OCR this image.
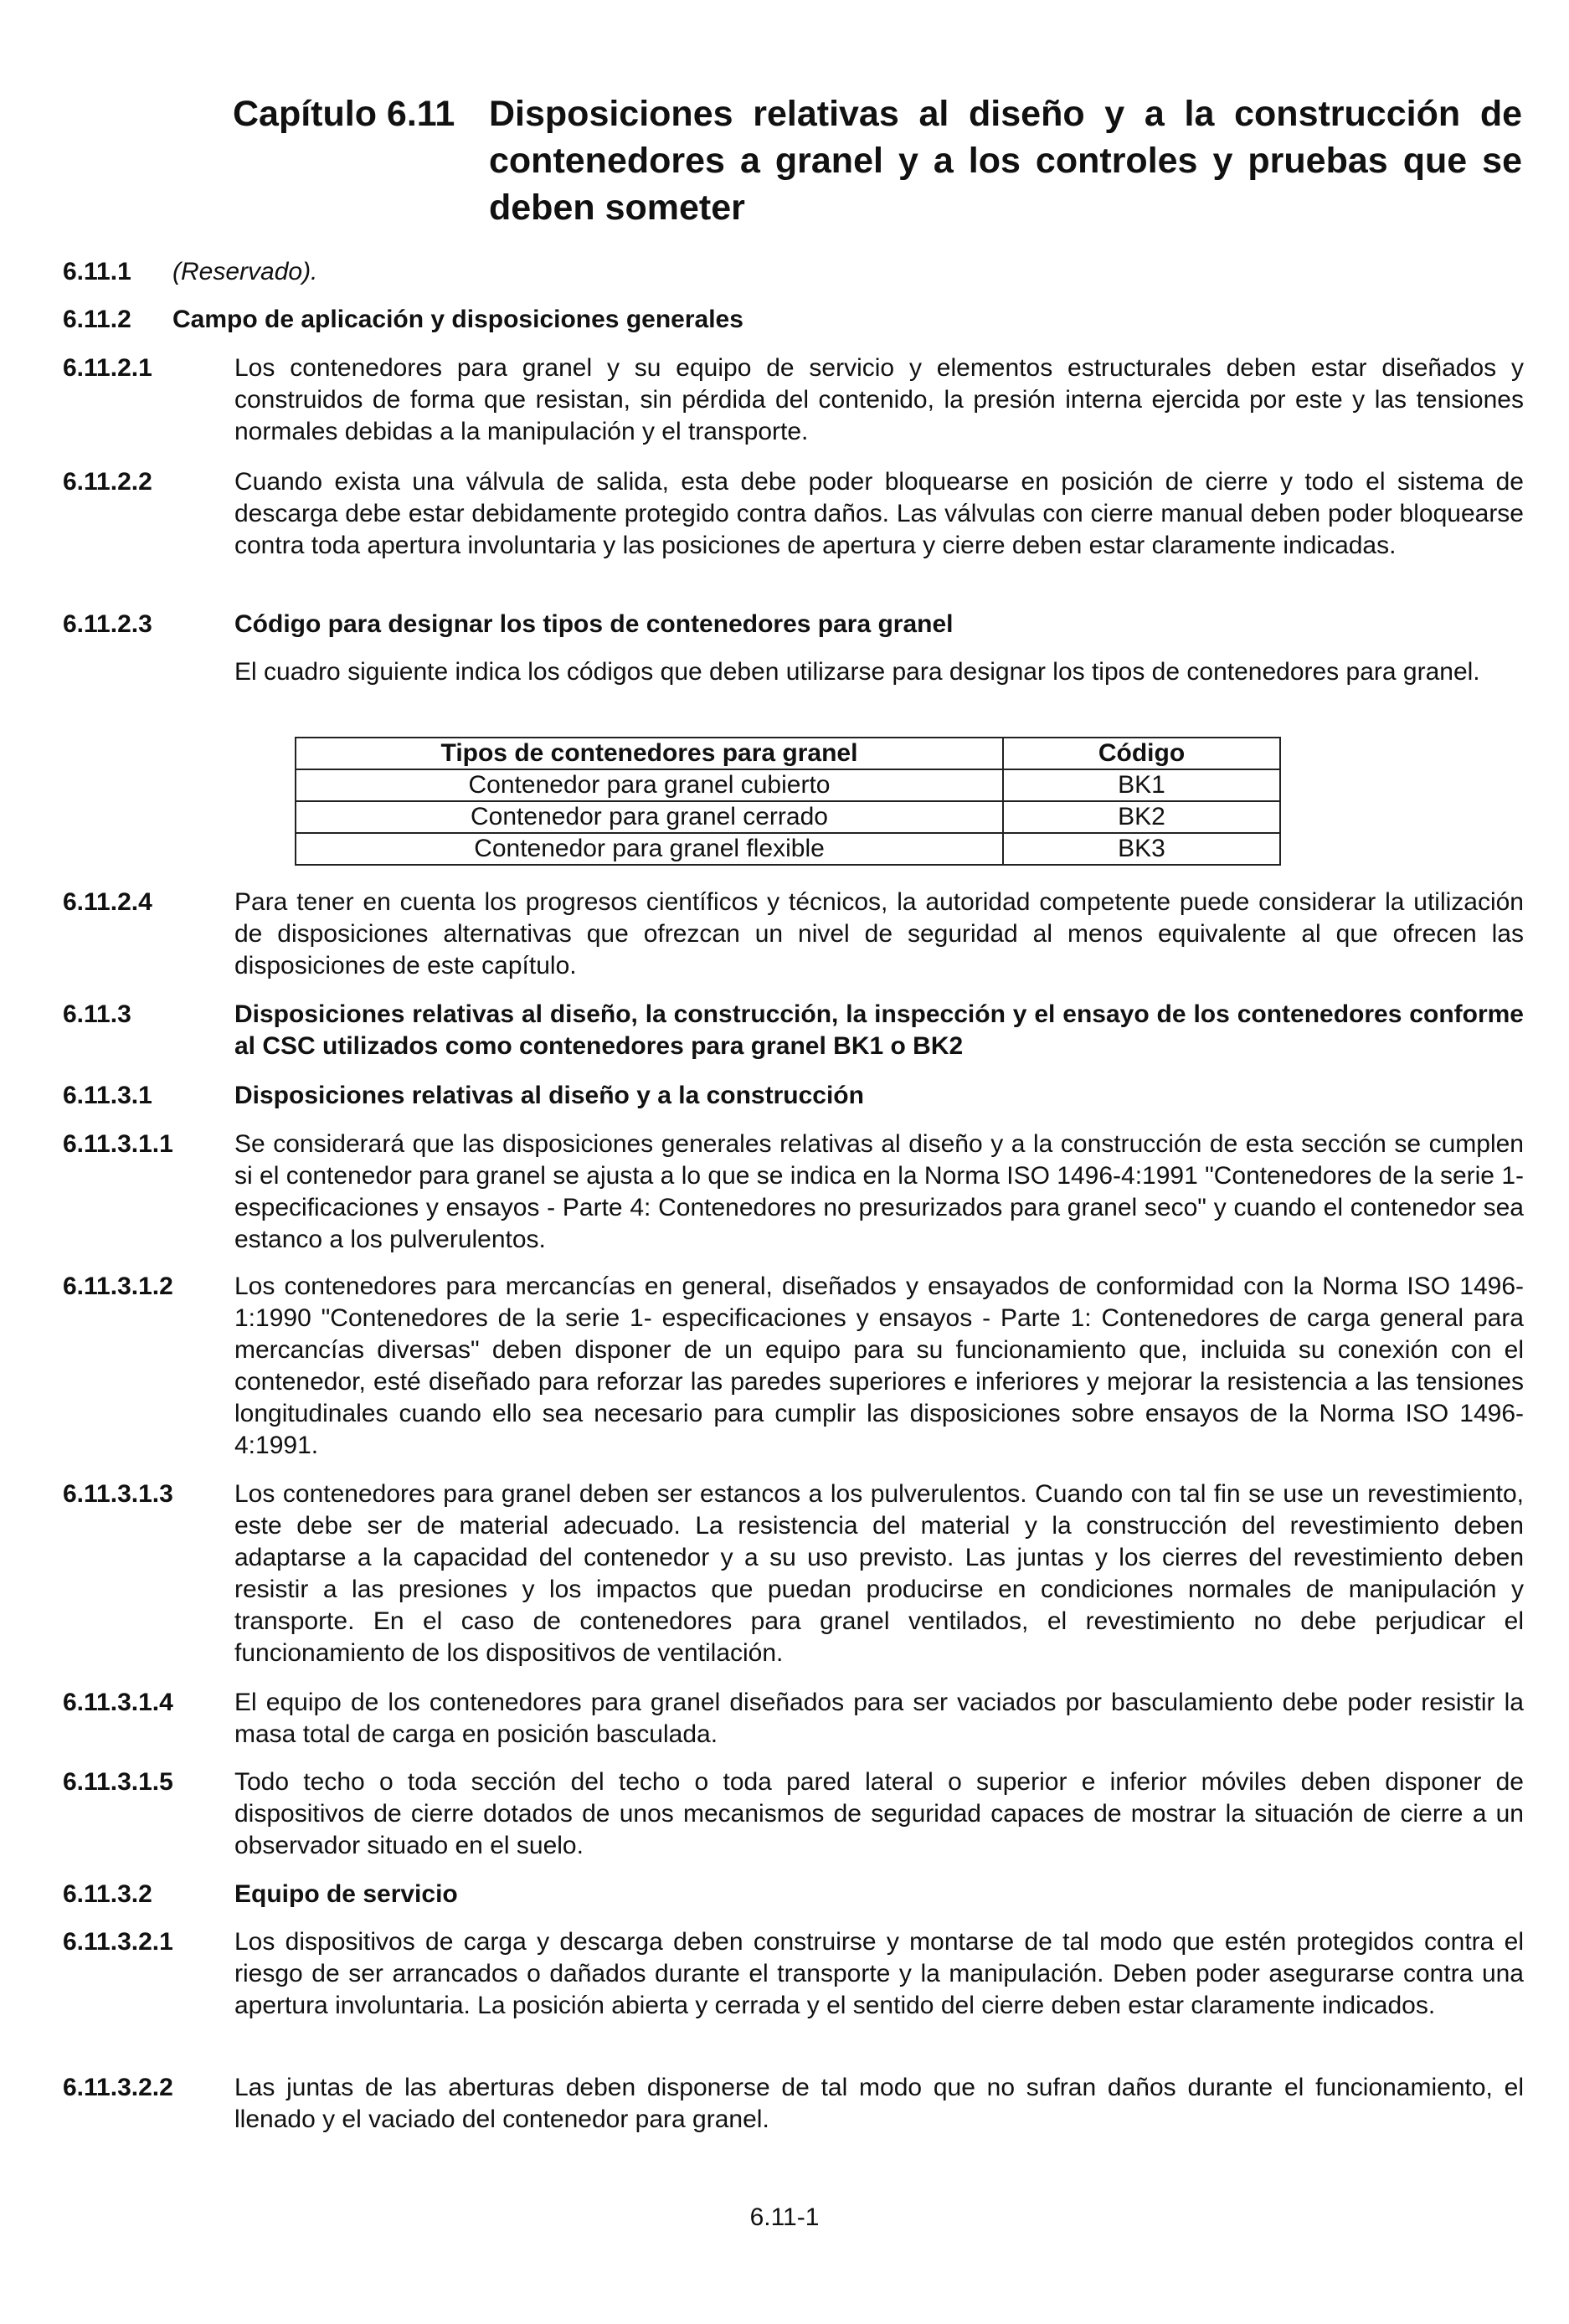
Capítulo 6.11 Disposiciones relativas al diseño y a la construcción de contenedores a granel y a los controles y pruebas que se deben someter
6.11.1 (Reservado).
6.11.2 Campo de aplicación y disposiciones generales
6.11.2.1	Los contenedores para granel y su equipo de servicio y elementos estructurales deben estar diseñados y construidos de forma que resistan, sin pérdida del contenido, la presión interna ejercida por este y las tensiones normales debidas a la manipulación y el transporte.
6.11.2.2	Cuando exista una válvula de salida, esta debe poder bloquearse en posición de cierre y todo el sistema de descarga debe estar debidamente protegido contra daños. Las válvulas con cierre manual deben poder bloquearse contra toda apertura involuntaria y las posiciones de apertura y cierre deben estar claramente indicadas.
6.11.2.3	Código para designar los tipos de contenedores para granel
El cuadro siguiente indica los códigos que deben utilizarse para designar los tipos de contenedores para granel.
Tipos de contenedores para granel	Código
Contenedor para granel cubierto	BK1
Contenedor para granel cerrado	BK2
Contenedor para granel flexible	BK3
6.11.2.4	Para tener en cuenta los progresos científicos y técnicos, la autoridad competente puede considerar la utilización de disposiciones alternativas que ofrezcan un nivel de seguridad al menos equivalente al que ofrecen las disposiciones de este capítulo.
6.11.3	Disposiciones relativas al diseño, la construcción, la inspección y el ensayo de los contenedores conforme al CSC utilizados como contenedores para granel BK1 o BK2
6.11.3.1	Disposiciones relativas al diseño y a la construcción
6.11.3.1.1 Se considerará que las disposiciones generales relativas al diseño y a la construcción de esta sección se cumplen si el contenedor para granel se ajusta a lo que se indica en la Norma ISO 1496-4:1991 "Contenedores de la serie 1- especificaciones y ensayos - Parte 4: Contenedores no presurizados para granel seco" y cuando el contenedor sea estanco a los pulverulentos.
6.11.3.1.2 Los contenedores para mercancías en general, diseñados y ensayados de conformidad con la Norma ISO 1496-1:1990 "Contenedores de la serie 1- especificaciones y ensayos - Parte 1: Contenedores de carga general para mercancías diversas" deben disponer de un equipo para su funcionamiento que, incluida su conexión con el contenedor, esté diseñado para reforzar las paredes superiores e inferiores y mejorar la resistencia a las tensiones longitudinales cuando ello sea necesario para cumplir las disposiciones sobre ensayos de la Norma ISO 1496-4:1991.
6.11.3.1.3 Los contenedores para granel deben ser estancos a los pulverulentos. Cuando con tal fin se use un revestimiento, este debe ser de material adecuado. La resistencia del material y la construcción del revestimiento deben adaptarse a la capacidad del contenedor y a su uso previsto. Las juntas y los cierres del revestimiento deben resistir a las presiones y los impactos que puedan producirse en condiciones normales de manipulación y transporte. En el caso de contenedores para granel ventilados, el revestimiento no debe perjudicar el funcionamiento de los dispositivos de ventilación.
6.11.3.1.4 El equipo de los contenedores para granel diseñados para ser vaciados por basculamiento debe poder resistir la masa total de carga en posición basculada.
6.11.3.1.5 Todo techo o toda sección del techo o toda pared lateral o superior e inferior móviles deben disponer de dispositivos de cierre dotados de unos mecanismos de seguridad capaces de mostrar la situación de cierre a un observador situado en el suelo.
6.11.3.2	Equipo de servicio
6.11.3.2.1 Los dispositivos de carga y descarga deben construirse y montarse de tal modo que estén protegidos contra el riesgo de ser arrancados o dañados durante el transporte y la manipulación. Deben poder asegurarse contra una apertura involuntaria. La posición abierta y cerrada y el sentido del cierre deben estar claramente indicados.
6.11.3.2.2 Las juntas de las aberturas deben disponerse de tal modo que no sufran daños durante el funcionamiento, el llenado y el vaciado del contenedor para granel.
6.11-1
